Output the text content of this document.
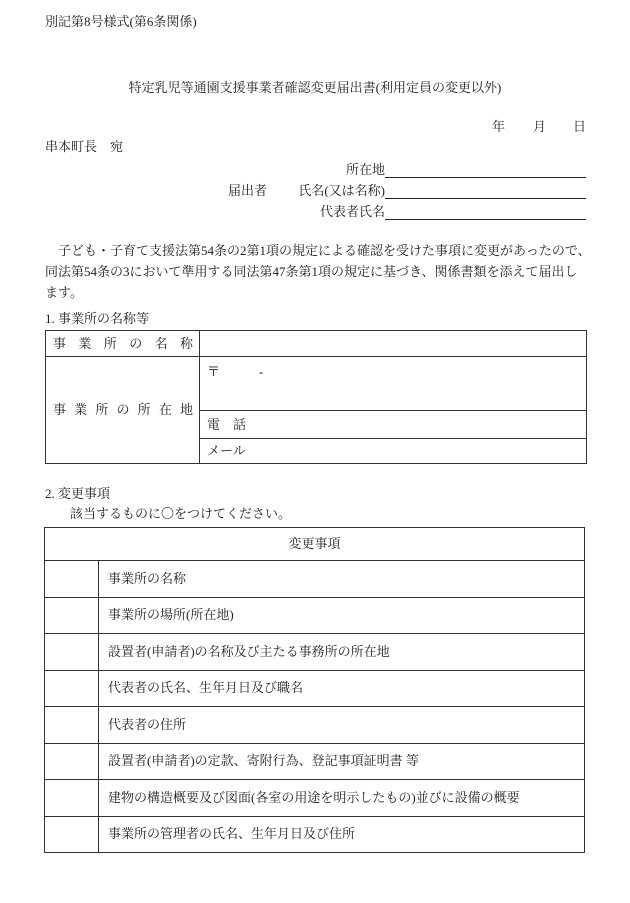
別記第8号様式(第6条関係)
特定乳児等通園支援事業者確認変更届出書(利用定員の変更以外)
年 月 日
串本町長　宛
届出者
所在地
氏名(又は名称)
代表者氏名
子ども・子育て支援法第54条の2第1項の規定による確認を受けた事項に変更があったので、
同法第54条の3において準用する同法第47条第1項の規定に基づき、関係書類を添えて届出し
ます。
1. 事業所の名称等
事業所の名称	

事業所の所在地	〒　　　-
	電　話
	メール
2. 変更事項
該当するものに〇をつけてください。
変更事項	
	事業所の名称
	事業所の場所(所在地)
	設置者(申請者)の名称及び主たる事務所の所在地
	代表者の氏名、生年月日及び職名
	代表者の住所
	設置者(申請者)の定款、寄附行為、登記事項証明書 等
	建物の構造概要及び図面(各室の用途を明示したもの)並びに設備の概要
	事業所の管理者の氏名、生年月日及び住所
